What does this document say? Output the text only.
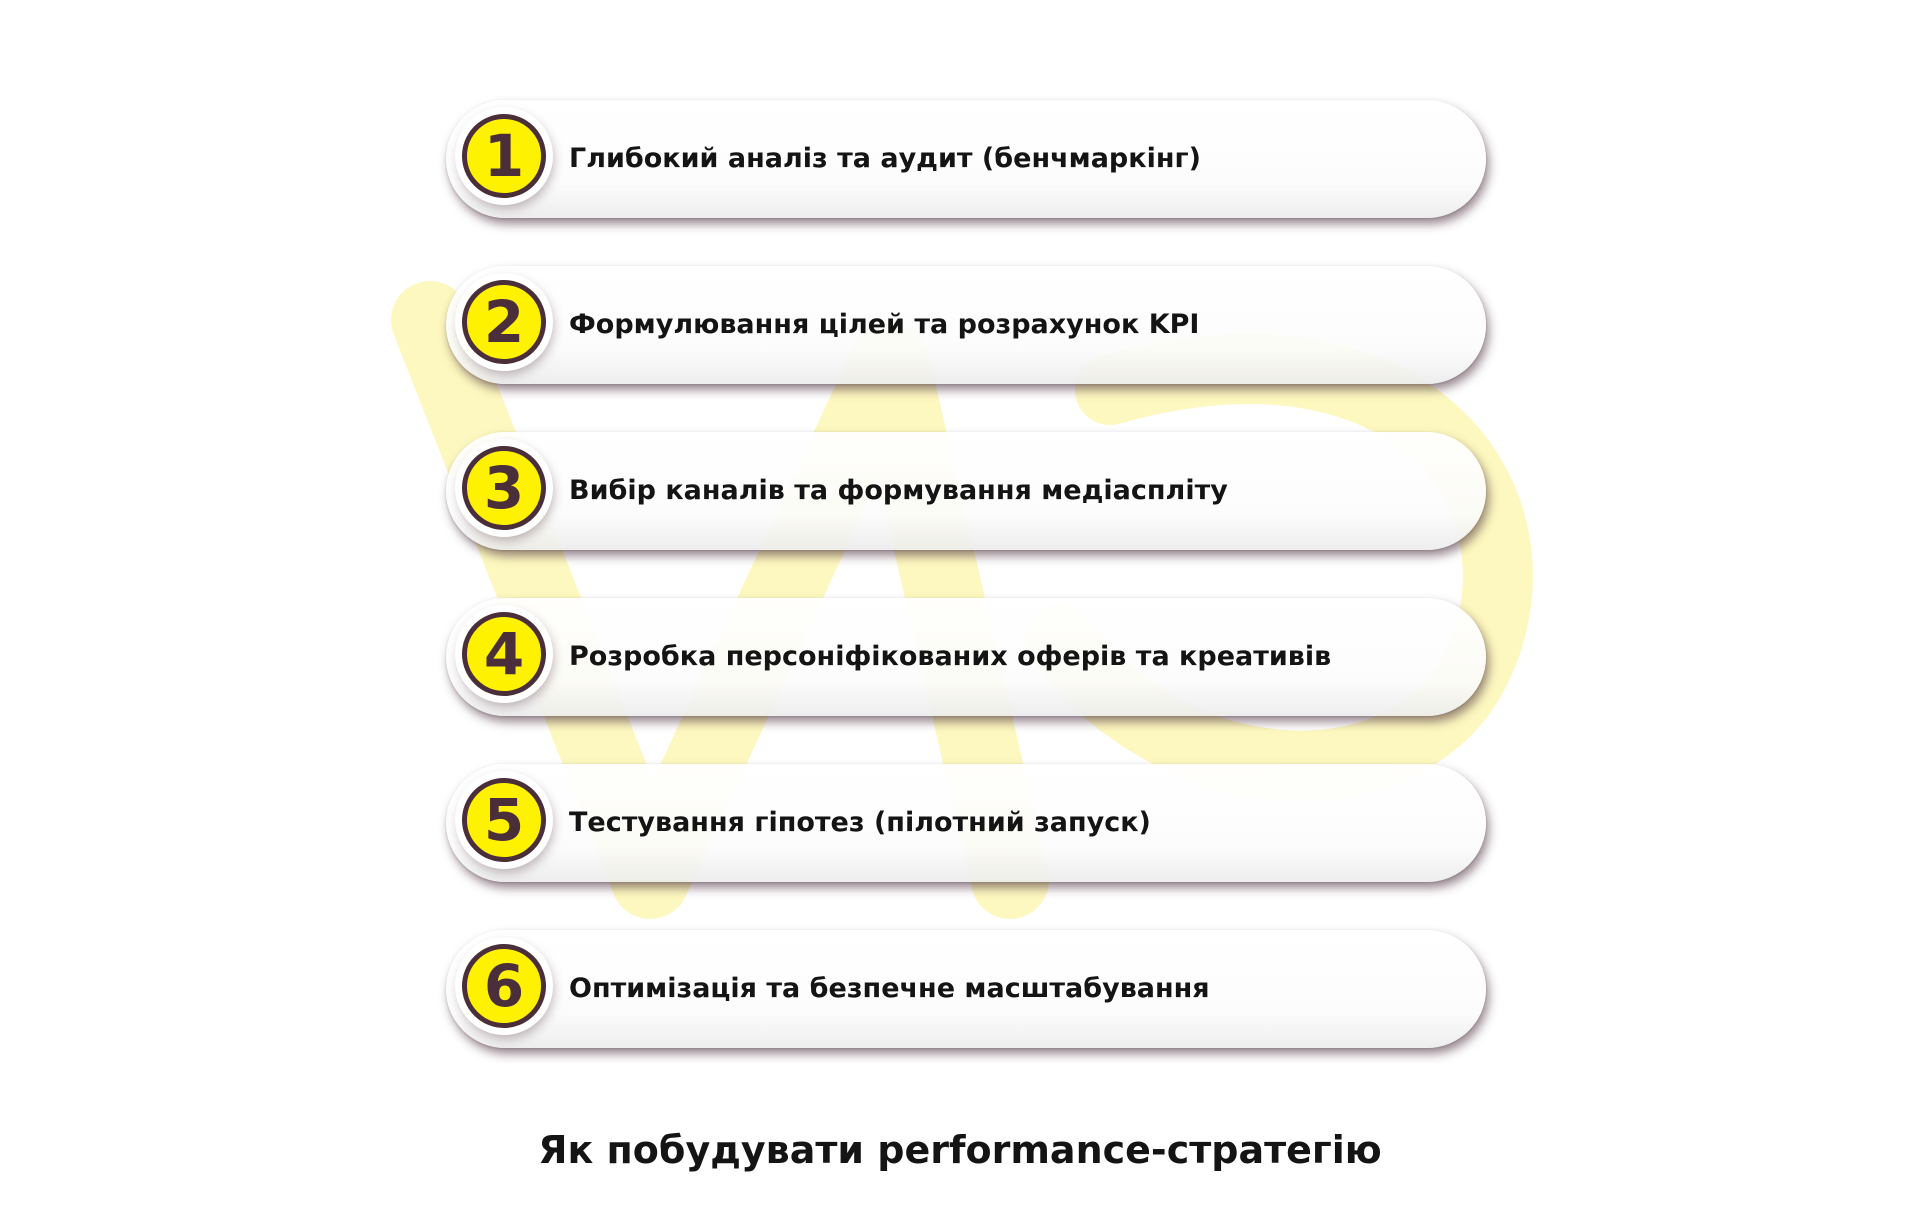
1	Глибокий аналіз та аудит (бенчмаркінг)
2	Формулювання цілей та розрахунок KPI
3	Вибір каналів та формування медіасплiту
4	Розробка персоніфікованих оферів та креативів
5	Тестування гіпотез (пілотний запуск)
6	Оптимізація та безпечне масштабування
Як побудувати performance-стратегію
